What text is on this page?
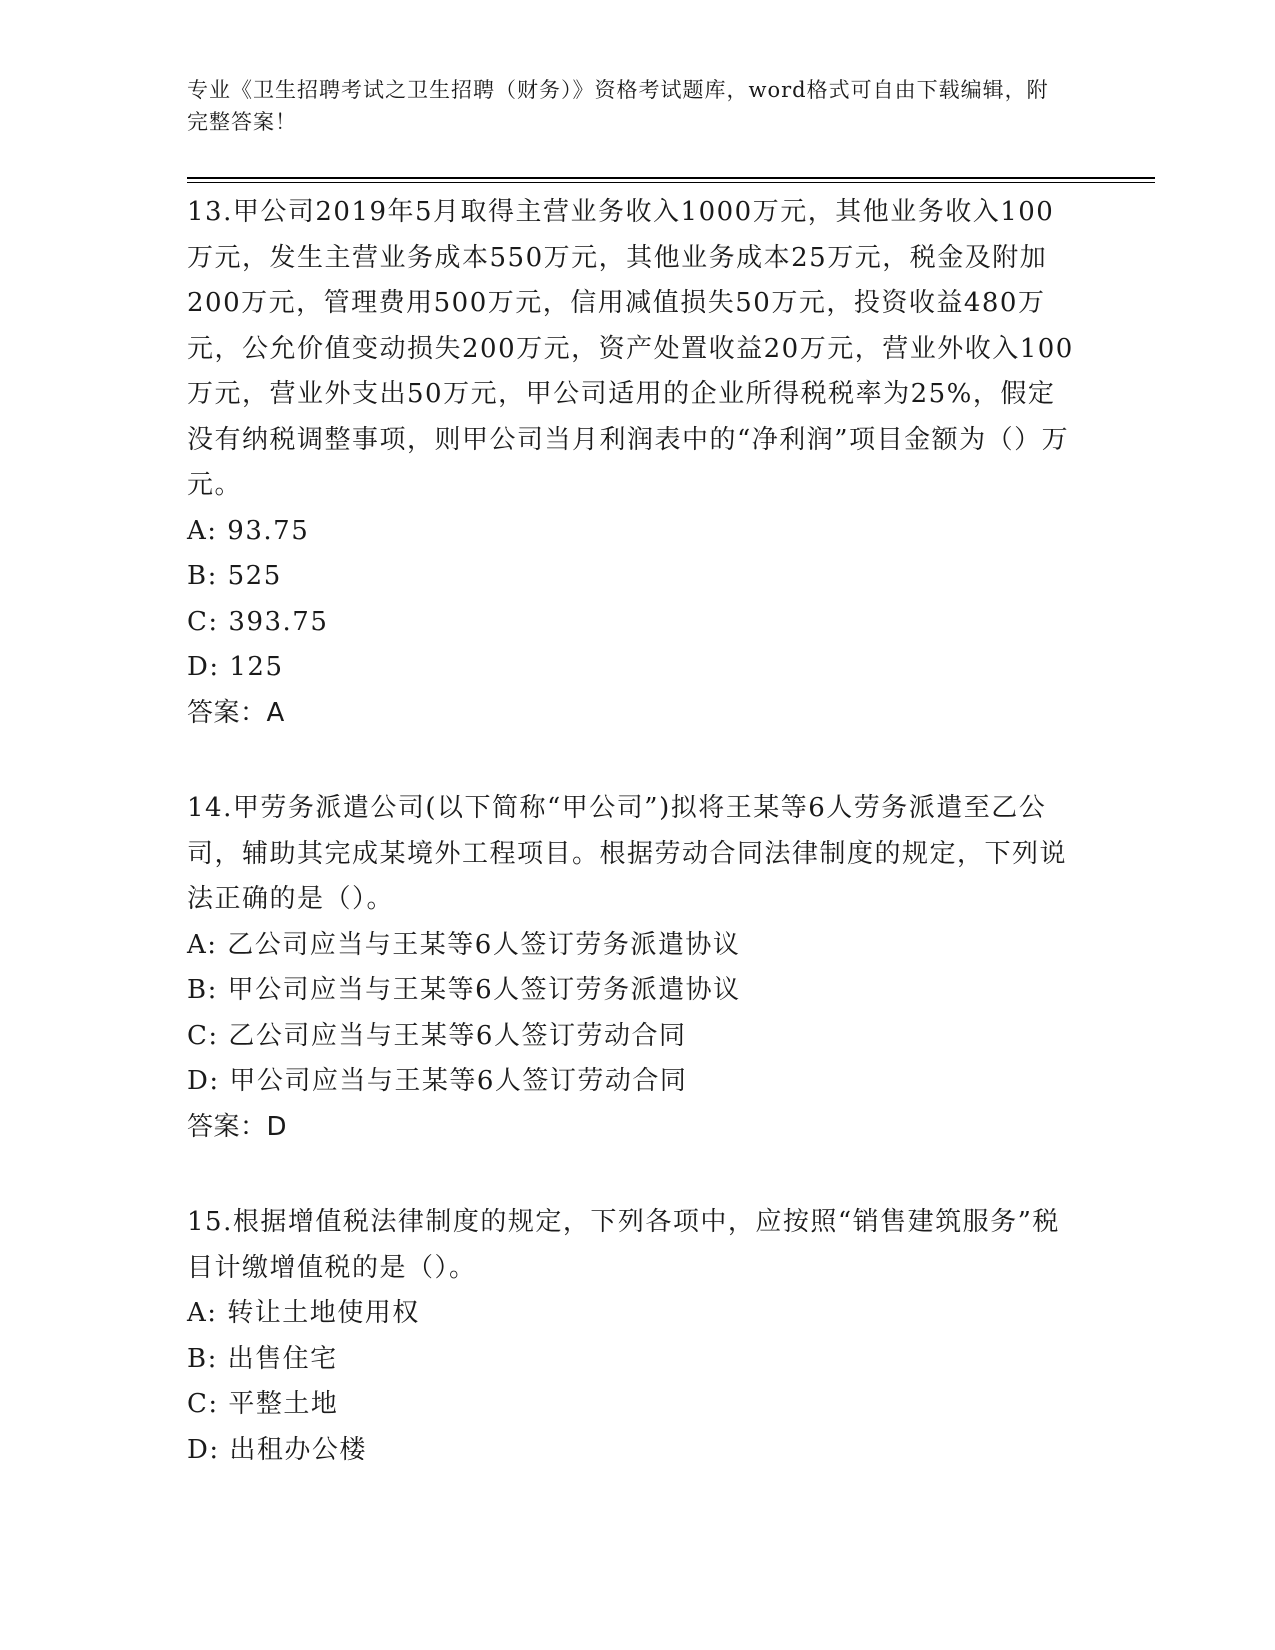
专业《卫生招聘考试之卫生招聘（财务）》资格考试题库，word格式可自由下载编辑，附完整答案！

13.甲公司2019年5月取得主营业务收入1000万元，其他业务收入100万元，发生主营业务成本550万元，其他业务成本25万元，税金及附加200万元，管理费用500万元，信用减值损失50万元，投资收益480万元，公允价值变动损失200万元，资产处置收益20万元，营业外收入100万元，营业外支出50万元，甲公司适用的企业所得税税率为25%，假定没有纳税调整事项，则甲公司当月利润表中的“净利润”项目金额为（）万元。

A: 93.75

B: 525

C: 393.75

D: 125

答案：A

14.甲劳务派遣公司(以下简称“甲公司”)拟将王某等6人劳务派遣至乙公司，辅助其完成某境外工程项目。根据劳动合同法律制度的规定，下列说法正确的是（）。

A: 乙公司应当与王某等6人签订劳务派遣协议

B: 甲公司应当与王某等6人签订劳务派遣协议

C: 乙公司应当与王某等6人签订劳动合同

D: 甲公司应当与王某等6人签订劳动合同

答案：D

15.根据增值税法律制度的规定，下列各项中，应按照“销售建筑服务”税目计缴增值税的是（）。

A: 转让土地使用权

B: 出售住宅

C: 平整土地

D: 出租办公楼
